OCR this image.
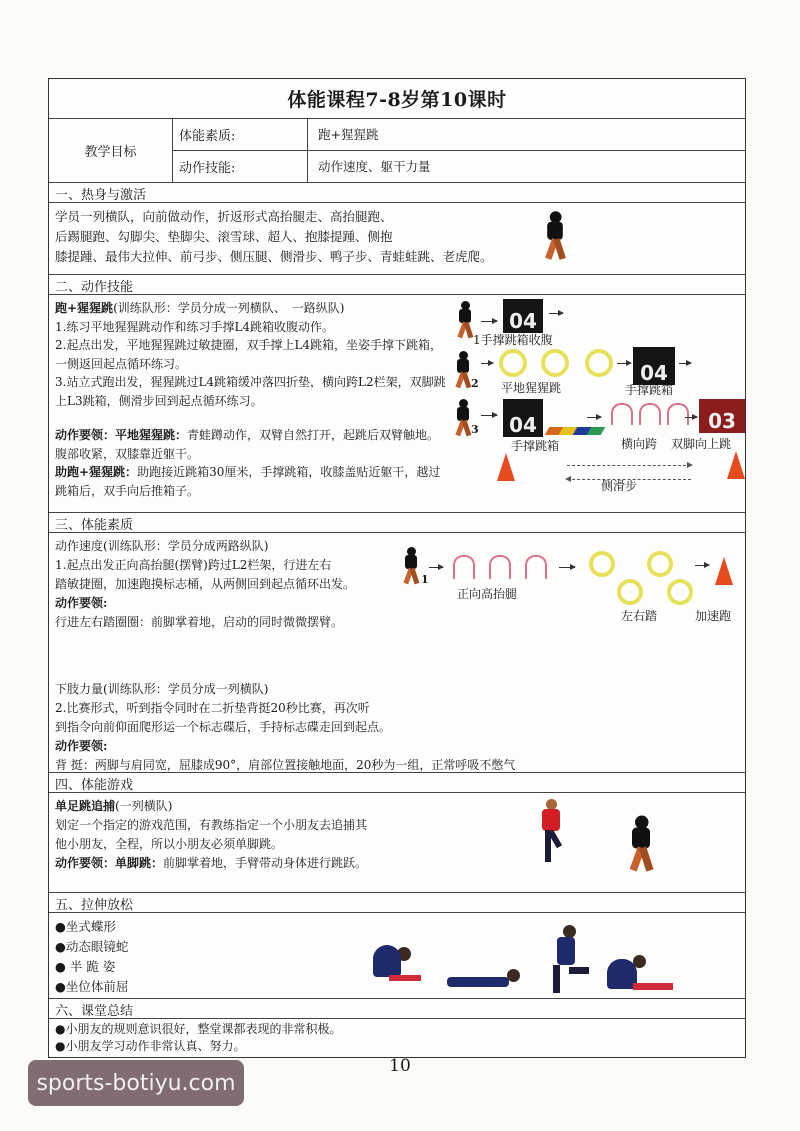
体能课程7-8岁第10课时
教学目标
体能素质:	跑+猩猩跳
动作技能:	动作速度、躯干力量
一、热身与激活
学员一列横队，向前做动作，折返形式高抬腿走、高抬腿跑、
后踢腿跑、勾脚尖、垫脚尖、滚雪球、超人、抱膝提踵、侧抱
膝提踵、最伟大拉伸、前弓步、侧压腿、侧滑步、鸭子步、青蛙蛙跳、老虎爬。
二、动作技能
跑+猩猩跳(训练队形：学员分成一列横队、　一路纵队)
1.练习平地猩猩跳动作和练习手撑L4跳箱收腹动作。
2.起点出发，平地猩猩跳过敏捷圈，双手撑上L4跳箱，坐姿手撑下跳箱，　一侧返回起点循环练习。
3.站立式跑出发，猩猩跳过L4跳箱缓冲落四折垫，横向跨L2栏架，双脚跳上L3跳箱，侧滑步回到起点循环练习。
动作要领：平地猩猩跳：青蛙蹲动作，双臂自然打开，起跳后双臂触地。腹部收紧，双膝靠近躯干。
助跑+猩猩跳：助跑接近跳箱30厘米，手撑跳箱，收膝盖贴近躯干，越过跳箱后，双手向后推箱子。
04
1手撑跳箱收腹
2	04
平地猩猩跳	手撑跳箱
3	04	03
手撑跳箱	横向跨 双脚向上跳
侧滑步
三、体能素质
动作速度(训练队形：学员分成两路纵队)
1.起点出发正向高抬腿(摆臂)跨过L2栏架，行进左右
踏敏捷圈，加速跑摸标志桶，从两侧回到起点循环出发。
动作要领:
行进左右踏圈圈：前脚掌着地，启动的同时微微摆臂。
下肢力量(训练队形：学员分成一列横队)
2.比赛形式，听到指令同时在二折垫背挺20秒比赛，再次听
到指令向前仰面爬形运一个标志碟后，手持标志碟走回到起点。
动作要领:
背 挺：两脚与肩同宽，屈膝成90°，肩部位置接触地面，20秒为一组，正常呼吸不憋气
1
正向高抬腿
左右踏	加速跑
四、体能游戏
单足跳追捕(一列横队)
划定一个指定的游戏范围，有教练指定一个小朋友去追捕其
他小朋友，全程，所以小朋友必须单脚跳。
动作要领：单脚跳：前脚掌着地，手臂带动身体进行跳跃。
五、拉伸放松
●坐式蝶形
●动态眼镜蛇
● 半 跪 姿
●坐位体前屈
六、课堂总结
●小朋友的规则意识很好，整堂课都表现的非常积极。
●小朋友学习动作非常认真、努力。
10
sports-botiyu.com
